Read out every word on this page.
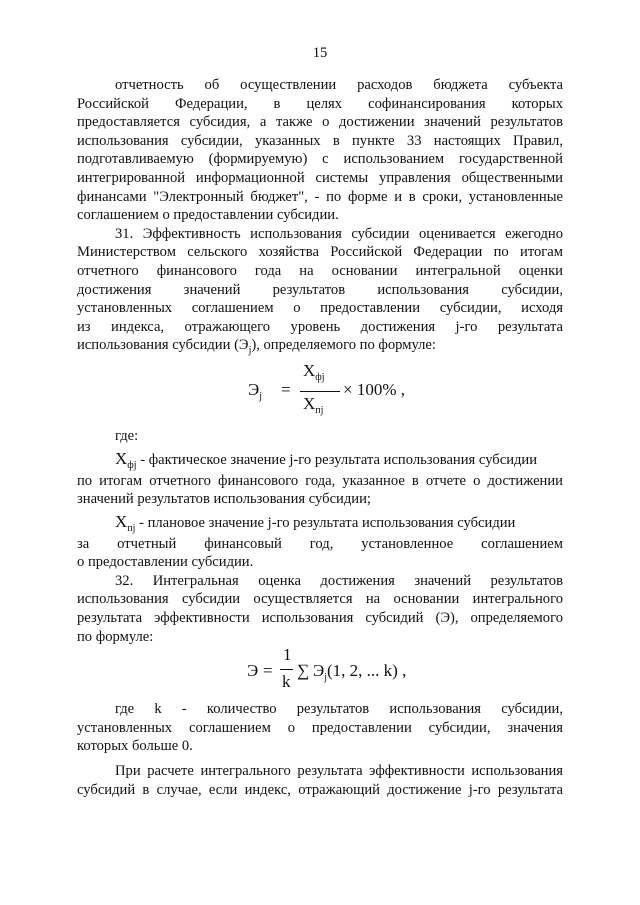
15
отчетность об осуществлении расходов бюджета субъекта
Российской Федерации, в целях софинансирования которых
предоставляется субсидия, а также о достижении значений результатов
использования субсидии, указанных в пункте 33 настоящих Правил,
подготавливаемую (формируемую) с использованием государственной
интегрированной информационной системы управления общественными
финансами "Электронный бюджет", - по форме и в сроки, установленные
соглашением о предоставлении субсидии.
31. Эффективность использования субсидии оценивается ежегодно
Министерством сельского хозяйства Российской Федерации по итогам
отчетного финансового года на основании интегральной оценки
достижения значений результатов использования субсидии,
установленных соглашением о предоставлении субсидии, исходя
из индекса, отражающего уровень достижения j-го результата
использования субсидии $(Э_j)$, определяемого по формуле:
$Э_j$ =
$X_{фj}$
$X_{пj}$
× 100% ,
где:
$X_{фj}$ - фактическое значение j-го результата использования субсидии
по итогам отчетного финансового года, указанное в отчете о достижении
значений результатов использования субсидии;
$X_{пj}$ - плановое значение j-го результата использования субсидии
за отчетный финансовый год, установленное соглашением
о предоставлении субсидии.
32. Интегральная оценка достижения значений результатов
использования субсидии осуществляется на основании интегрального
результата эффективности использования субсидий (Э), определяемого
по формуле:
Э =
1
k
∑ $Э_j(1$, 2, ... k) ,
где k - количество результатов использования субсидии,
установленных соглашением о предоставлении субсидии, значения
которых больше 0.
При расчете интегрального результата эффективности использования
субсидий в случае, если индекс, отражающий достижение j-го результата
